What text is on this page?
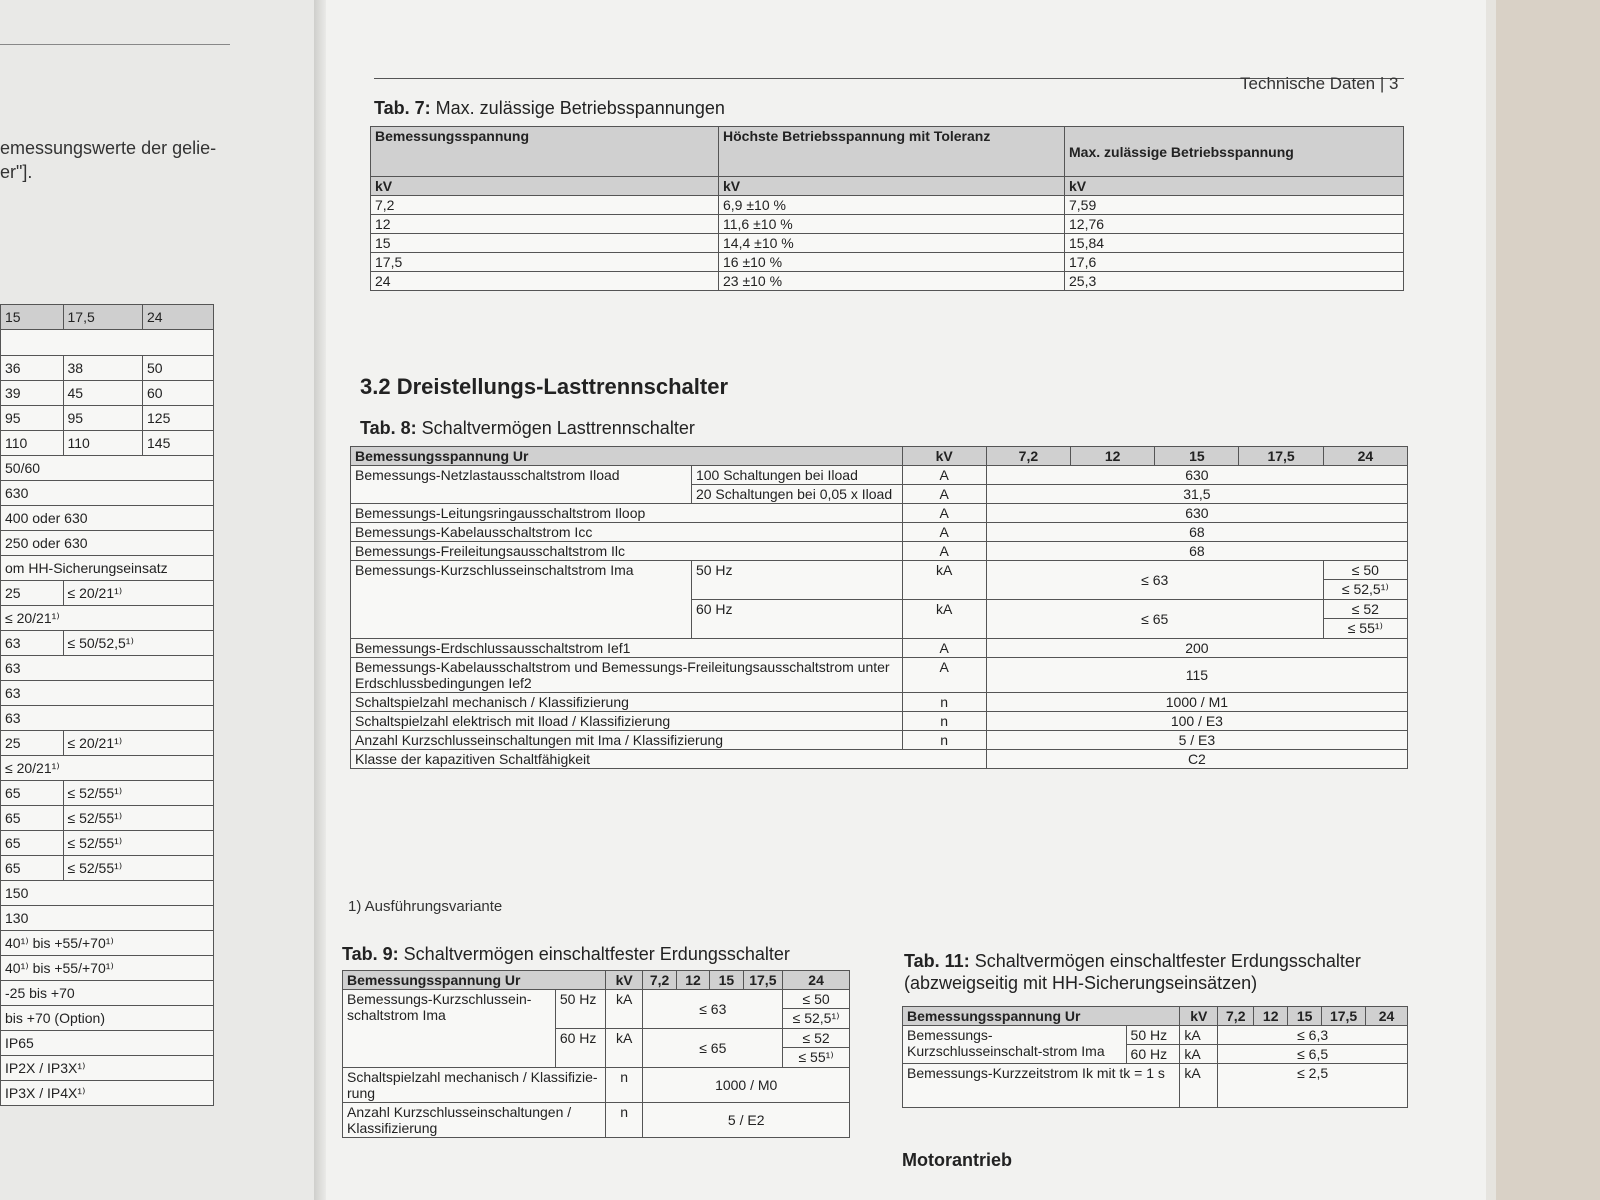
emessungswerte der gelie-
er"].
15	17,5	24

36	38	50
39	45	60
95	95	125
110	110	145
50/60		
630		
400 oder 630		
250 oder 630		
om HH-Sicherungseinsatz		
25	≤ 20/21¹⁾	
≤ 20/21¹⁾		
63	≤ 50/52,5¹⁾	
63		
63		
63		
25	≤ 20/21¹⁾	
≤ 20/21¹⁾		
65	≤ 52/55¹⁾	
65	≤ 52/55¹⁾	
65	≤ 52/55¹⁾	
65	≤ 52/55¹⁾	
150		
130		
40¹⁾ bis +55/+70¹⁾		
40¹⁾ bis +55/+70¹⁾		
-25 bis +70		
bis +70 (Option)		
IP65		
IP2X / IP3X¹⁾		
IP3X / IP4X¹⁾		
Technische Daten | 3
Tab. 7: Max. zulässige Betriebsspannungen
Bemessungsspannung	Höchste Betriebsspannung mit Toleranz	Max. zulässige Betriebsspannung
kV	kV	kV
7,2	6,9 ±10 %	7,59
12	11,6 ±10 %	12,76
15	14,4 ±10 %	15,84
17,5	16 ±10 %	17,6
24	23 ±10 %	25,3
3.2 Dreistellungs-Lasttrennschalter
Tab. 8: Schaltvermögen Lasttrennschalter
Bemessungsspannung Ur		kV	7,2	12	15	17,5	24
Bemessungs-Netzlastausschaltstrom Iload	100 Schaltungen bei Iload	A	630				
	20 Schaltungen bei 0,05 x Iload	A	31,5				
Bemessungs-Leitungsringausschaltstrom Iloop		A	630				
Bemessungs-Kabelausschaltstrom Icc		A	68				
Bemessungs-Freileitungsausschaltstrom Ilc		A	68				
Bemessungs-Kurzschlusseinschaltstrom Ima	50 Hz	kA	≤ 63				≤ 50
							≤ 52,5¹⁾
	60 Hz	kA	≤ 65				≤ 52
							≤ 55¹⁾
Bemessungs-Erdschlussausschaltstrom Ief1		A	200				
Bemessungs-Kabelausschaltstrom und Bemessungs-Freileitungsausschaltstrom unter Erdschlussbedingungen Ief2		A	115				
Schaltspielzahl mechanisch / Klassifizierung		n	1000 / M1				
Schaltspielzahl elektrisch mit Iload / Klassifizierung		n	100 / E3				
Anzahl Kurzschlusseinschaltungen mit Ima / Klassifizierung		n	5 / E3				
Klasse der kapazitiven Schaltfähigkeit			C2				
1) Ausführungsvariante
Tab. 9: Schaltvermögen einschaltfester Erdungsschalter
Bemessungsspannung Ur		kV	7,2	12	15	17,5	24
Bemessungs-Kurzschlussein-schaltstrom Ima	50 Hz	kA	≤ 63				≤ 50
							≤ 52,5¹⁾
	60 Hz	kA	≤ 65				≤ 52
							≤ 55¹⁾
Schaltspielzahl mechanisch / Klassifizie-rung		n	1000 / M0				
Anzahl Kurzschlusseinschaltungen / Klassifizierung		n	5 / E2				
Tab. 11: Schaltvermögen einschaltfester Erdungsschalter
(abzweigseitig mit HH-Sicherungseinsätzen)
Bemessungsspannung Ur		kV	7,2	12	15	17,5	24
Bemessungs-Kurzschlusseinschalt-strom Ima	50 Hz	kA	≤ 6,3				
	60 Hz	kA	≤ 6,5				
Bemessungs-Kurzzeitstrom Ik mit tk = 1 s		kA	≤ 2,5				
Motorantrieb
